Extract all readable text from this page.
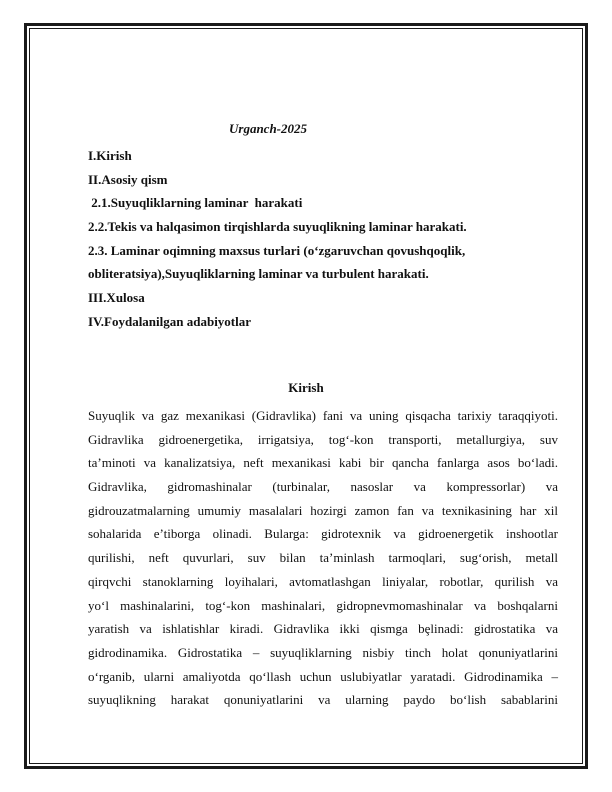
Urganch-2025
I.Kirish
II.Asosiy qism
2.1.Suyuqliklarning laminar  harakati
2.2.Tekis va halqasimon tirqishlarda suyuqlikning laminar harakati.
2.3. Laminar oqimning maxsus turlari (o‘zgaruvchan qovushqoqlik,
obliteratsiya),Suyuqliklarning laminar va turbulent harakati.
III.Xulosa
IV.Foydalanilgan adabiyotlar
Kirish
Suyuqlik va gaz mexanikasi (Gidravlika) fani va uning qisqacha tarixiy taraqqiyoti.
Gidravlika gidroenergetika, irrigatsiya, tog‘-kon transporti, metallurgiya, suv
ta’minoti va kanalizatsiya, neft mexanikasi kabi bir qancha fanlarga asos bo‘ladi.
Gidravlika, gidromashinalar (turbinalar, nasoslar va kompressorlar) va
gidrouzatmalarning umumiy masalalari hozirgi zamon fan va texnikasining har xil
sohalarida e’tiborga olinadi. Bularga: gidrotexnik va gidroenergetik inshootlar
qurilishi, neft quvurlari, suv bilan ta’minlash tarmoqlari, sug‘orish, metall
qirqvchi stanoklarning loyihalari, avtomatlashgan liniyalar, robotlar, qurilish va
yo‘l mashinalarini, tog‘-kon mashinalari, gidropnevmomashinalar va boshqalarni
yaratish va ishlatishlar kiradi. Gidravlika ikki qismga bȩlinadi: gidrostatika va
gidrodinamika. Gidrostatika – suyuqliklarning nisbiy tinch holat qonuniyatlarini
o‘rganib, ularni amaliyotda qo‘llash uchun uslubiyatlar yaratadi. Gidrodinamika –
suyuqlikning harakat qonuniyatlarini va ularning paydo bo‘lish sabablarini
